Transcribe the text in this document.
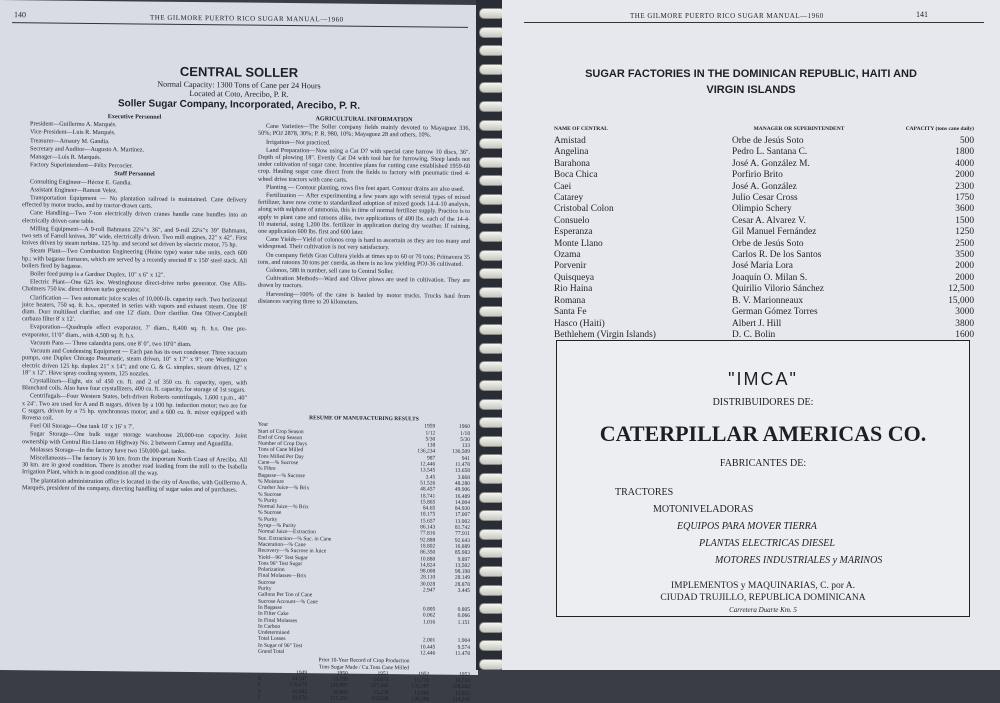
140	THE GILMORE PUERTO RICO SUGAR MANUAL—1960
CENTRAL SOLLER
Normal Capacity: 1300 Tons of Cane per 24 Hours
Located at Coto, Arecibo, P. R.
Soller Sugar Company, Incorporated, Arecibo, P. R.

Executive Personnel

President—Guillermo A. Marqués.

Vice-President—Luis R. Marqués.

Treasurer—Amaury M. Gandia.

Secretary and Auditor—Augusto A. Martínez.

Manager—Luis R. Marqués.

Factory Superintendent—Félix Percocier.

Staff Personnel

Consulting Engineer—Héctor E. Gandia.

Assistant Engineer—Ramon Velez.

Transportation Equipment — No plantation railroad is maintained. Cane delivery effected by motor trucks, and by tractor-drawn carts.

Cane Handling—Two 7-ton electrically driven cranes handle cane bundles into an electrically driven cane table.

Milling Equipment—A 9-roll Bahmann 22¼"x 36", and 9-roll 22¼"x 39" Bahmann, two sets of Farrell knives, 30" wide, electrically driven. Two mill engines, 22" x 42". First knives driven by steam turbine, 125 hp. and second set driven by electric motor, 75 hp.

Steam Plant—Two Combustion Engineering (Heine type) water tube units, each 600 hp.; with bagasse furnaces, which are served by a recently erected 8' x 150' steel stack. All boilers fired by bagasse.

Boiler feed pump is a Gardner Duplex, 10" x 6" x 12".

Electric Plant—One 625 kw. Westinghouse direct-drive turbo generator. One Allis-Chalmers 750 kw. direct driven turbo generator.

Clarification — Two automatic juice scales of 10,000-lb. capacity each. Two horizontal juice heaters, 750 sq. ft. h.s., operated in series with vapors and exhaust steam. One 18' diam. Dorr multifeed clarifier, and one 12' diam. Dorr clarifier. One Oliver-Campbell carbaza filter 8' x 12'.

Evaporation—Quadruple effect evaporator, 7' diam., 8,400 sq. ft. h.s. One pre-evaporator, 11'0" diam., with 4,500 sq. ft. h.s.

Vacuum Pans — Three calandria pans, one 8' 0", two 10'0" diam.

Vacuum and Condensing Equipment — Each pan has its own condenser. Three vacuum pumps, one Duplex Chicago Pneumatic, steam driven, 10" x 17" x 9"; one Worthington electric driven 125 hp. duplex 21" x 14"; and one G. & G. simplex, steam driven, 12" x 18" x 12". Have spray cooling system, 125 nozzles.

Crystallizers—Eight, six of 450 cu. ft. and 2 of 350 cu. ft. capacity, open, with Blanchard coils. Also have four crystallizers, 400 cu. ft. capacity, for storage of 1st sugars.

Centrifugals—Four Western States, belt-driven Roberts centrifugals, 1,600 r.p.m., 40" x 24". Two are used for A and B sugars, driven by a 100 hp. induction motor; two are for C sugars, driven by a 75 hp. synchronous motor; and a 600 cu. ft. mixer equipped with Rovena coil.

Fuel Oil Storage—One tank 10' x 16' x 7'.

Sugar Storage—One bulk sugar storage warehouse 20,000-ton capacity. Joint ownership with Central Rio Llano on Highway No. 2 between Camuy and Aguadilla.

Molasses Storage—In the factory have two 150,000-gal. tanks.

Miscellaneous—The factory is 30 km. from the important North Coast of Arecibo. All 30 km. are in good condition. There is another road leading from the mill to the Isabella Irrigation Plant, which is in good condition all the way.

The plantation administration office is located in the city of Arecibo, with Guillermo A. Marqués, president of the company, directing handling of sugar sales and of purchases.

AGRICULTURAL INFORMATION

Cane Varieties—The Soller company fields mainly devoted to Mayaguez 336, 50%; POJ 2878, 30%; P. R. 980, 10%; Mayaguez 28 and others, 10%.

Irrigation—Not practiced.

Land Preparation—Now using a Cat D7 with special cane harrow 10 discs, 36". Depth of plowing 18". Evenly Cat D4 with tool bar for furrowing. Steep lands not under cultivation of sugar cane. Incentive plans for cutting cane established 1959-60 crop. Hauling sugar cane direct from the fields to factory with pneumatic tired 4-wheel drive tractors with cane carts.

Planting — Contour planting, rows five feet apart. Contour drains are also used.

Fertilization — After experimenting a few years ago with several types of mixed fertilizer, have now come to standardized adoption of mixed goods 14-4-10 analysis, along with sulphate of ammonia, this in time of normal fertilizer supply. Practice is to apply to plant cane and ratoons alike, two applications of 400 lbs. each of the 14-4-10 material, using 1,200 lbs. fertilizer in application during dry weather. If raining, one application 600 lbs. first and 600 later.

Cane Yields—Yield of colonos crop is hard to ascertain as they are too many and widespread. Their cultivation is not very satisfactory.

On company fields Gran Cultura yields at times up to 60 or 70 tons; Primavera 35 tons, and ratoons 30 tons per cuerda, as there is no low yielding POJ-36 cultivated.

Colonos, 580 in number, sell cane to Central Soller.

Cultivation Methods—Ward and Oliver plows are used in cultivation. They are drawn by tractors.

Harvesting—100% of the cane is hauled by motor trucks. Trucks haul from distances varying three to 20 kilometers.

RESUME OF MANUFACTURING RESULTS
Year	1959	1960
Start of Crop Season	1/12	1/18
End of Crop Season	5/30	5/30
Number of Crop Days	138	133
Tons of Cane Milled	136,234	136,509
Tons Milled Per Day	987	941
Cane—% Sucrose	12.446	11.478
% Fibre	13.545	13.658
Bagasse—% Sucrose	3.45	3.868
% Moisture	51.526	48.280
Crusher Juice—% Brix	48.457	49.906
% Sucrose	18.741	16.489
% Purity	15.865	14.004
Normal Juice—% Brix	84.65	84.930
% Sucrose	18.175	17.007
% Purity	15.657	13.902
Syrup—% Purity	86.143	81.742
Normal Juice—Extraction	77.816	77.911
Suc. Extraction—% Suc. in Cane	92.888	92.643
Maceration—% Cane	18.802	16.889
Recovery—% Sucrose in Juice	86.350	85.983
Yield—96° Test Sugar	10.880	9.897
Tons 96° Test Sugar	14,824	13,502
Polarization	98.008	98.198
Final Molasses—Brix	28.110	28.149
Sucrose	30.028	28.878
Purity	2.947	3.445
Gallons Per Ton of Cane		
Sucrose Account—% Cane		
In Bagasse	0.805	0.805
In Filter Cake	0.062	0.066
In Final Molasses	1.016	1.151
In Carbon		
Undetermined		
Total Losses	2.001	1.904
In Sugar of 96° Test	10.445	9.574
Grand Total	12.446	11.478
Prior 10-Year Record of Crop Production
Tons Sugar Made / Cu.Tons Cane Milled
	1949	1950	1951	1952	1953
S	14,547	13,799	14,978	15,716	13,733
C	129,878	120,897	127,845	132,387	108,063
S	10,045	10,865	13,278	13,060	12,012
C	93,076	121,281	118,538	130,398	114,245
THE GILMORE PUERTO RICO SUGAR MANUAL—1960	141
SUGAR FACTORIES IN THE DOMINICAN REPUBLIC, HAITI AND
VIRGIN ISLANDS
NAME OF CENTRAL	MANAGER OR SUPERINTENDENT	CAPACITY (tons cane daily)
Amistad	Orbe de Jesús Soto	500
Angelina	Pedro L. Santana C.	1800
Barahona	José A. González M.	4000
Boca Chica	Porfirio Brito	2000
Caei	José A. González	2300
Catarey	Julio Cesar Cross	1750
Cristobal Colon	Olimpio Schery	3600
Consuelo	Cesar A. Alvarez V.	1500
Esperanza	Gil Manuel Fernández	1250
Monte Llano	Orbe de Jesús Soto	2500
Ozama	Carlos R. De los Santos	3500
Porvenir	José María Lora	2000
Quisqueya	Joaquín O. Milan S.	2000
Rio Haina	Quirilio Vilorio Sánchez	12,500
Romana	B. V. Marionneaux	15,000
Santa Fe	German Gómez Torres	3000
Hasco (Haiti)	Albert J. Hill	3800
Bethlehem (Virgin Islands)	D. C. Bolin	1600
"IMCA"
DISTRIBUIDORES DE:
CATERPILLAR AMERICAS CO.
FABRICANTES DE:
TRACTORES
MOTONIVELADORAS
EQUIPOS PARA MOVER TIERRA
PLANTAS ELECTRICAS DIESEL
MOTORES INDUSTRIALES y MARINOS
IMPLEMENTOS y MAQUINARIAS, C. por A.
CIUDAD TRUJILLO, REPUBLICA DOMINICANA
Carretera Duarte Km. 5
